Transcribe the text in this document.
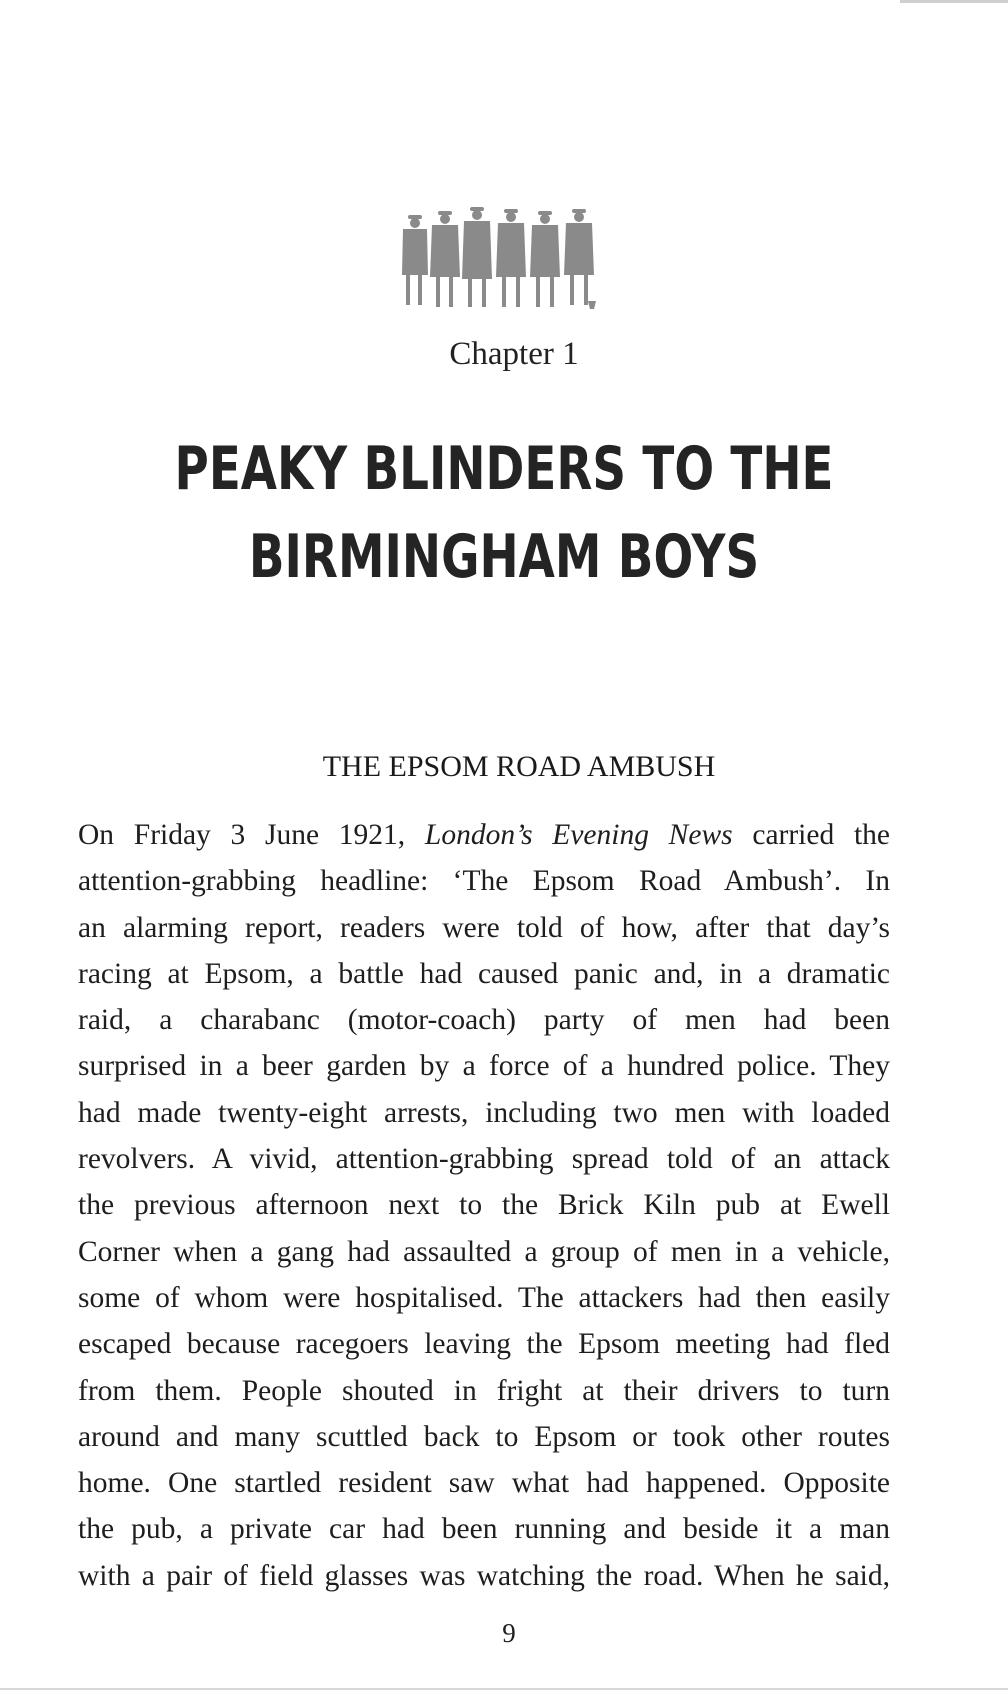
Chapter 1
PEAKY BLINDERS TO THE
BIRMINGHAM BOYS
THE EPSOM ROAD AMBUSH
On Friday 3 June 1921, London’s Evening News carried the
attention-grabbing headline: ‘The Epsom Road Ambush’. In
an alarming report, readers were told of how, after that day’s
racing at Epsom, a battle had caused panic and, in a dramatic
raid, a charabanc (motor-coach) party of men had been
surprised in a beer garden by a force of a hundred police. They
had made twenty-eight arrests, including two men with loaded
revolvers. A vivid, attention-grabbing spread told of an attack
the previous afternoon next to the Brick Kiln pub at Ewell
Corner when a gang had assaulted a group of men in a vehicle,
some of whom were hospitalised. The attackers had then easily
escaped because racegoers leaving the Epsom meeting had fled
from them. People shouted in fright at their drivers to turn
around and many scuttled back to Epsom or took other routes
home. One startled resident saw what had happened. Opposite
the pub, a private car had been running and beside it a man
with a pair of field glasses was watching the road. When he said,
9
